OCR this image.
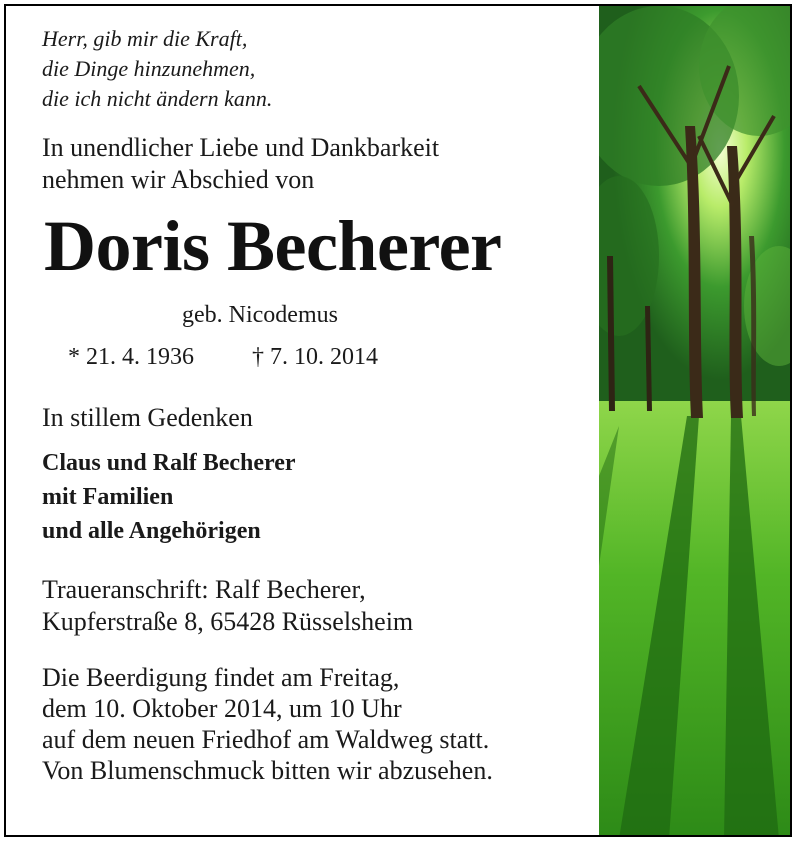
Herr, gib mir die Kraft,
die Dinge hinzunehmen,
die ich nicht ändern kann.
In unendlicher Liebe und Dankbarkeit
nehmen wir Abschied von
Doris Becherer
geb. Nicodemus
* 21. 4. 1936 † 7. 10. 2014
In stillem Gedenken
Claus und Ralf Becherer
mit Familien
und alle Angehörigen
Traueranschrift: Ralf Becherer,
Kupferstraße 8, 65428 Rüsselsheim
Die Beerdigung findet am Freitag,
dem 10. Oktober 2014, um 10 Uhr
auf dem neuen Friedhof am Waldweg statt.
Von Blumenschmuck bitten wir abzusehen.
